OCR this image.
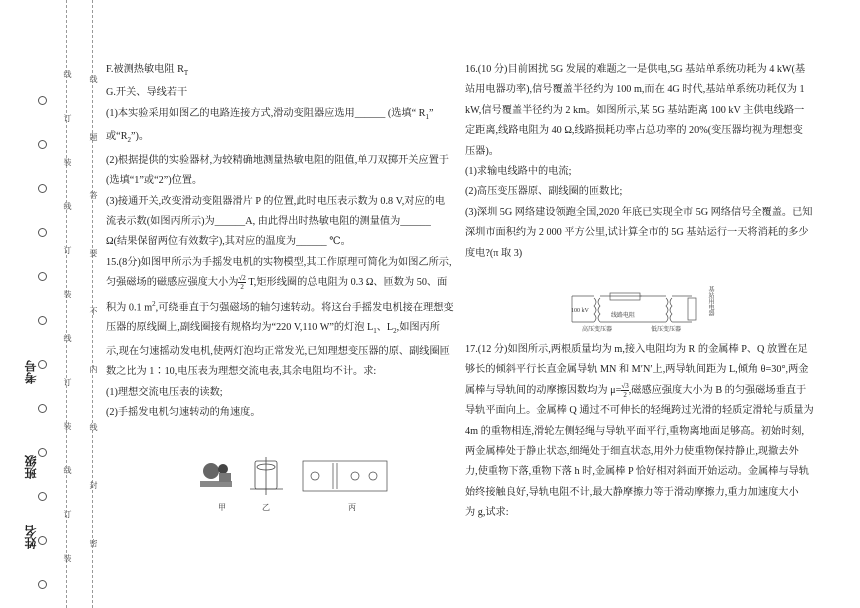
线
订
装
线
订
装
线
订
装
线
订
装
线
题
答
要
不
内
线
封
密
考号
班级
姓名

F.被测热敏电阻 $R_T$

G.开关、导线若干

(1)本实验采用如图乙的电路连接方式,滑动变阻器应选用______ (选填“ $R_1$”

或“$R_2$”)。

(2)根据提供的实验器材,为较精确地测量热敏电阻的阻值,单刀双掷开关应置于

(选填“1”或“2”)位置。

(3)接通开关,改变滑动变阻器滑片 P 的位置,此时电压表示数为 0.8 V,对应的电

流表示数(如图丙所示)为______A, 由此得出时热敏电阻的测量值为______

Ω(结果保留两位有效数字),其对应的温度为______ ℃。

15.(8分)如图甲所示为手摇发电机的实物模型,其工作原理可简化为如图乙所示,

匀强磁场的磁感应强度大小为 $\frac{√2}{2} T$,矩形线圈的总电阻为 0.3 Ω、匝数为 50、面

积为 0.1 $m^2$,可绕垂直于匀强磁场的轴匀速转动。将这台手摇发电机接在理想变

压器的原线圈上,副线圈接有规格均为“220 V,110 W”的灯泡 $L_1$、$L_2$,如图丙所

示,现在匀速摇动发电机,使两灯泡均正常发光,已知理想变压器的原、副线圈匝

数之比为 1∶10,电压表为理想交流电表,其余电阻均不计。求:

(1)理想交流电压表的读数;

(2)手摇发电机匀速转动的角速度。

甲	乙	丙

16.(10 分)目前困扰 5G 发展的难题之一是供电,5G 基站单系统功耗为 4 kW(基

站用电器功率),信号覆盖半径约为 100 m,而在 4G 时代,基站单系统功耗仅为 1

kW,信号覆盖半径约为 2 km。如图所示,某 5G 基站距离 100 kV 主供电线路一

定距离,线路电阻为 40 Ω,线路损耗功率占总功率的 20%(变压器均视为理想变

压器)。

(1)求输电线路中的电流;

(2)高压变压器原、副线圈的匝数比;

(3)深圳 5G 网络建设领跑全国,2020 年底已实现全市 5G 网络信号全覆盖。已知

深圳市面积约为 2 000 平方公里,试计算全市的 5G 基站运行一天将消耗的多少

度电?(π 取 3)

100 kV
线路电阻
高压变压器	低压变压器
基站用电器

17.(12 分)如图所示,两根质量均为 m,接入电阻均为 R 的金属棒 P、Q 放置在足

够长的倾斜平行长直金属导轨 MN 和 M′N′上,两导轨间距为 L,倾角 θ=30°,两金

属棒与导轨间的动摩擦因数均为 $\mu= \frac{√3}{2}$ ,磁感应强度大小为 B 的匀强磁场垂直于

导轨平面向上。金属棒 Q 通过不可伸长的轻绳跨过光滑的轻质定滑轮与质量为

4m 的重物相连,滑轮左侧轻绳与导轨平面平行,重物离地面足够高。初始时刻,

两金属棒处于静止状态,细绳处于细直状态,用外力使重物保持静止,现撤去外

力,使重物下落,重物下落 h 时,金属棒 P 恰好相对斜面开始运动。金属棒与导轨

始终接触良好,导轨电阻不计,最大静摩擦力等于滑动摩擦力,重力加速度大小

为 g,试求:
